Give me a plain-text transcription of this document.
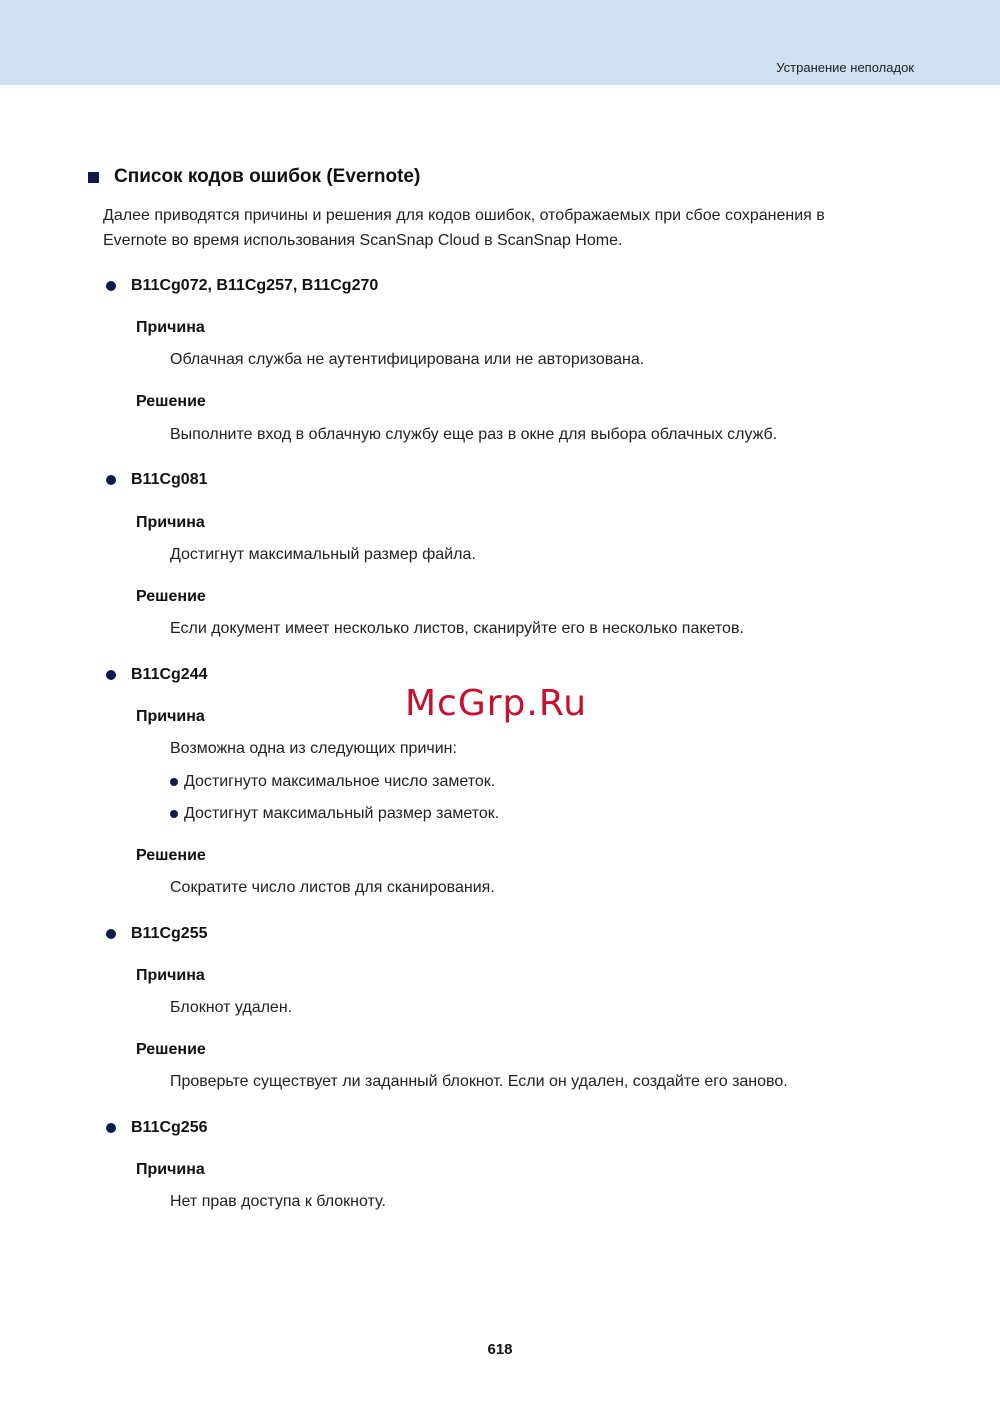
Устранение неполадок
Список кодов ошибок (Evernote)
Далее приводятся причины и решения для кодов ошибок, отображаемых при сбое сохранения в
Evernote во время использования ScanSnap Cloud в ScanSnap Home.
B11Cg072, B11Cg257, B11Cg270
Причина
Облачная служба не аутентифицирована или не авторизована.
Решение
Выполните вход в облачную службу еще раз в окне для выбора облачных служб.
B11Cg081
Причина
Достигнут максимальный размер файла.
Решение
Если документ имеет несколько листов, сканируйте его в несколько пакетов.
B11Cg244
Причина
Возможна одна из следующих причин:
Достигнуто максимальное число заметок.
Достигнут максимальный размер заметок.
Решение
Сократите число листов для сканирования.
B11Cg255
Причина
Блокнот удален.
Решение
Проверьте существует ли заданный блокнот. Если он удален, создайте его заново.
B11Cg256
Причина
Нет прав доступа к блокноту.
McGrp.Ru
618
